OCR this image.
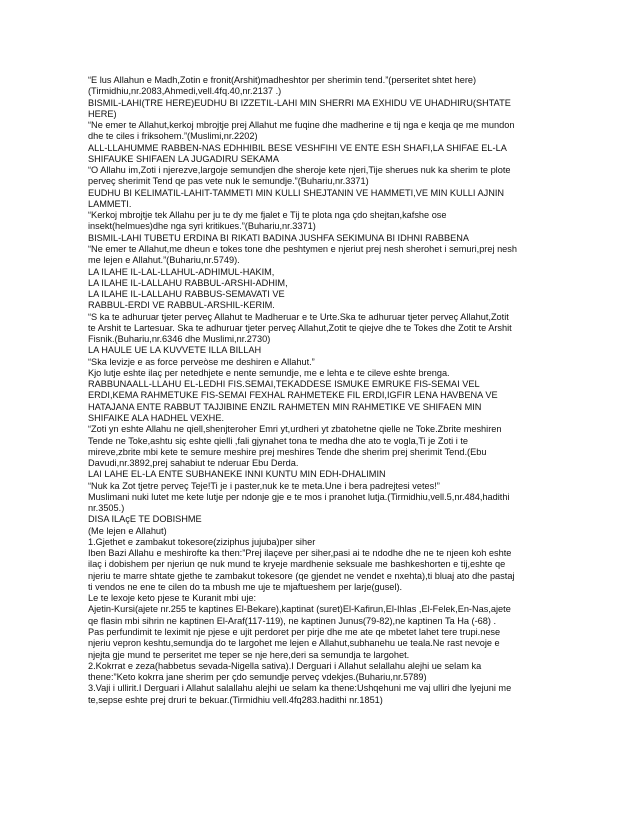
“E lus Allahun e Madh,Zotin e fronit(Arshit)madheshtor per sherimin tend.”(perseritet shtet here)
(Tirmidhiu,nr.2083,Ahmedi,vell.4fq.40,nr.2137 .)
BISMIL-LAHI(TRE HERE)EUDHU BI IZZETIL-LAHI MIN SHERRI MA EXHIDU VE UHADHIRU(SHTATE
HERE)
“Ne emer te Allahut,kerkoj mbrojtje prej Allahut me fuqine dhe madherine e tij nga e keqja qe me mundon
dhe te ciles i friksohem.”(Muslimi,nr.2202)
ALL-LLAHUMME RABBEN-NAS EDHHIBIL BESE VESHFIHI VE ENTE ESH SHAFI,LA SHIFAE EL-LA
SHIFAUKE SHIFAEN LA JUGADIRU SEKAMA
“O Allahu im,Zoti i njerezve,largoje semundjen dhe sheroje kete njeri,Tije sherues nuk ka sherim te plote
perveç sherimit Tend qe pas vete nuk le semundje.”(Buhariu,nr.3371)
EUDHU BI KELIMATIL-LAHIT-TAMMETI MIN KULLI SHEJTANIN VE HAMMETI,VE MIN KULLI AJNIN
LAMMETI.
“Kerkoj mbrojtje tek Allahu per ju te dy me fjalet e Tij te plota nga çdo shejtan,kafshe ose
insekt(helmues)dhe nga syri kritikues.”(Buhariu,nr.3371)
BISMIL-LAHI TUBETU ERDINA BI RIKATI BADINA JUSHFA SEKIMUNA BI IDHNI RABBENA
“Ne emer te Allahut,me dheun e tokes tone dhe peshtymen e njeriut prej nesh sherohet i semuri,prej nesh
me lejen e Allahut.”(Buhariu,nr.5749).
LA ILAHE IL-LAL-LLAHUL-ADHIMUL-HAKIM,
LA ILAHE IL-LALLAHU RABBUL-ARSHI-ADHIM,
LA ILAHE IL-LALLAHU RABBUS-SEMAVATI VE
RABBUL-ERDI VE RABBUL-ARSHIL-KERIM.
“S ka te adhuruar tjeter perveç Allahut te Madheruar e te Urte.Ska te adhuruar tjeter perveç Allahut,Zotit
te Arshit te Lartesuar. Ska te adhuruar tjeter perveç Allahut,Zotit te qiejve dhe te Tokes dhe Zotit te Arshit
Fisnik.(Buhariu,nr.6346 dhe Muslimi,nr.2730)
LA HAULE UE LA KUVVETE ILLA BILLAH
“Ska levizje e as force perveòse me deshiren e Allahut.”
Kjo lutje eshte ilaç per netedhjete e nente semundje, me e lehta e te cileve eshte brenga.
RABBUNAALL-LLAHU EL-LEDHI FIS.SEMAI,TEKADDESE ISMUKE EMRUKE FIS-SEMAI VEL
ERDI,KEMA RAHMETUKE FIS-SEMAI FEXHAL RAHMETEKE FIL ERDI,IGFIR LENA HAVBENA VE
HATAJANA ENTE RABBUT TAJJIBINE ENZIL RAHMETEN MIN RAHMETIKE VE SHIFAEN MIN
SHIFAIKE ALA HADHEL VEXHE.
“Zoti yn eshte Allahu ne qiell,shenjteroher Emri yt,urdheri yt zbatohetne qielle ne Toke.Zbrite meshiren
Tende ne Toke,ashtu siç eshte qielli ,fali gjynahet tona te medha dhe ato te vogla,Ti je Zoti i te
mireve,zbrite mbi kete te semure meshire prej meshires Tende dhe sherim prej sherimit Tend.(Ebu
Davudi,nr.3892,prej sahabiut te nderuar Ebu Derda.
LAI LAHE EL-LA ENTE SUBHANEKE INNI KUNTU MIN EDH-DHALIMIN
“Nuk ka Zot tjetre perveç Teje!Ti je i paster,nuk ke te meta.Une i bera padrejtesi vetes!”
Muslimani nuki lutet me kete lutje per ndonje gje e te mos i pranohet lutja.(Tirmidhiu,vell.5,nr.484,hadithi
nr.3505.)
DISA ILAçE TE DOBISHME
(Me lejen e Allahut)
1.Gjethet e zambakut tokesore(ziziphus jujuba)per siher
Iben Bazi Allahu e meshirofte ka then:”Prej ilaçeve per siher,pasi ai te ndodhe dhe ne te njeen koh eshte
ilaç i dobishem per njeriun qe nuk mund te kryeje mardhenie seksuale me bashkeshorten e tij,eshte qe
njeriu te marre shtate gjethe te zambakut tokesore (qe gjendet ne vendet e nxehta),ti bluaj ato dhe pastaj
ti vendos ne ene te cilen do ta mbush me uje te mjaftueshem per larje(gusel).
Le te lexoje keto pjese te Kuranit mbi uje:
Ajetin-Kursi(ajete nr.255 te kaptines El-Bekare),kaptinat (suret)El-Kafirun,El-Ihlas ,El-Felek,En-Nas,ajete
qe flasin mbi sihrin ne kaptinen El-Araf(117-119), ne kaptinen Junus(79-82),ne kaptinen Ta Ha (-68) .
Pas perfundimit te leximit nje pjese e ujit perdoret per pirje dhe me ate qe mbetet lahet tere trupi.nese
njeriu vepron keshtu,semundja do te largohet me lejen e Allahut,subhanehu ue teala.Ne rast nevoje e
njejta gje mund te perseritet me teper se nje here,deri sa semundja te largohet.
2.Kokrrat e zeza(habbetus sevada-Nigella sativa).I Derguari i Allahut selallahu alejhi ue selam ka
thene:”Keto kokrra jane sherim per çdo semundje perveç vdekjes.(Buhariu,nr.5789)
3.Vaji i ullirit.I Derguari i Allahut salallahu alejhi ue selam ka thene:Ushqehuni me vaj ulliri dhe lyejuni me
te,sepse eshte prej druri te bekuar.(Tirmidhiu vell.4fq283.hadithi nr.1851)
